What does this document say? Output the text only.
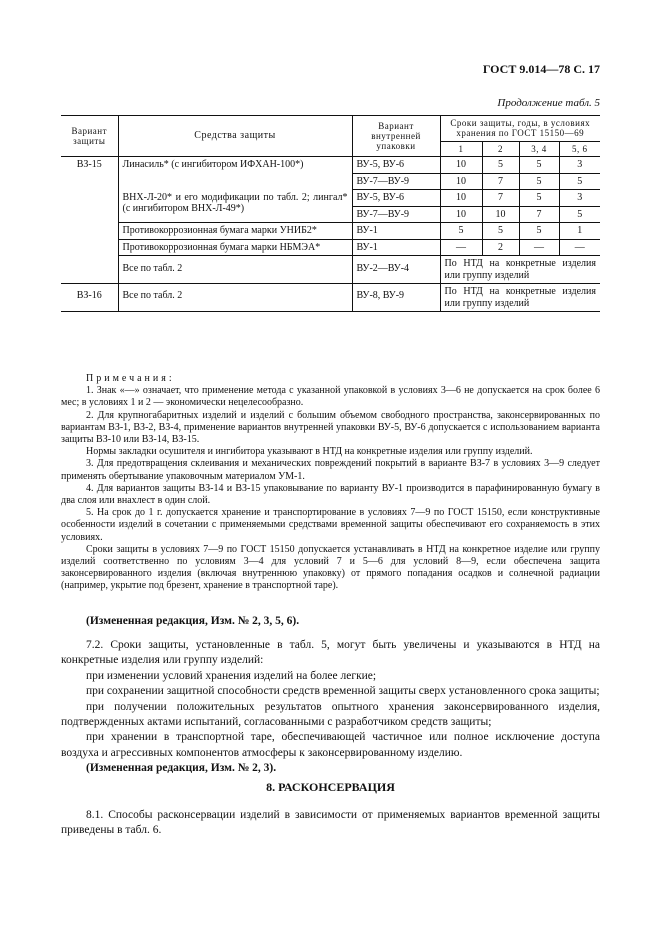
ГОСТ 9.014—78 С. 17
Продолжение табл. 5
Вариант защиты	Средства защиты	Вариант внутренней упаковки	Сроки защиты, годы, в условиях хранения по ГОСТ 15150—69			
			1	2	3, 4	5, 6
ВЗ-15	Линасиль* (с ингибитором ИФХАН-100*)	ВУ-5, ВУ-6	10	5	5	3
		ВУ-7—ВУ-9	10	7	5	5
	ВНХ-Л-20* и его модификации по табл. 2; лингал* (с ингибитором ВНХ-Л-49*)	ВУ-5, ВУ-6	10	7	5	3
		ВУ-7—ВУ-9	10	10	7	5
	Противокоррозионная бумага марки УНИБ2*	ВУ-1	5	5	5	1
	Противокоррозионная бумага марки НБМЭА*	ВУ-1	—	2	—	—
	Все по табл. 2	ВУ-2—ВУ-4	По НТД на конкретные изделия или группу изделий			
ВЗ-16	Все по табл. 2	ВУ-8, ВУ-9	По НТД на конкретные изделия или группу изделий			

Примечания:

1. Знак «—» означает, что применение метода с указанной упаковкой в условиях 3—6 не допускается на срок более 6 мес; в условиях 1 и 2 — экономически нецелесообразно.

2. Для крупногабаритных изделий и изделий с большим объемом свободного пространства, законсервированных по вариантам ВЗ-1, ВЗ-2, ВЗ-4, применение вариантов внутренней упаковки ВУ-5, ВУ-6 допускается с использованием варианта защиты ВЗ-10 или ВЗ-14, ВЗ-15.

Нормы закладки осушителя и ингибитора указывают в НТД на конкретные изделия или группу изделий.

3. Для предотвращения склеивания и механических повреждений покрытий в варианте ВЗ-7 в условиях 3—9 следует применять обертывание упаковочным материалом УМ-1.

4. Для вариантов защиты ВЗ-14 и ВЗ-15 упаковывание по варианту ВУ-1 производится в парафинированную бумагу в два слоя или внахлест в один слой.

5. На срок до 1 г. допускается хранение и транспортирование в условиях 7—9 по ГОСТ 15150, если конструктивные особенности изделий в сочетании с применяемыми средствами временной защиты обеспечивают его сохраняемость в этих условиях.

Сроки защиты в условиях 7—9 по ГОСТ 15150 допускается устанавливать в НТД на конкретное изделие или группу изделий соответственно по условиям 3—4 для условий 7 и 5—6 для условий 8—9, если обеспечена защита законсервированного изделия (включая внутреннюю упаковку) от прямого попадания осадков и солнечной радиации (например, укрытие под брезент, хранение в транспортной таре).

(Измененная редакция, Изм. № 2, 3, 5, 6).

7.2. Сроки защиты, установленные в табл. 5, могут быть увеличены и указываются в НТД на конкретные изделия или группу изделий:

при изменении условий хранения изделий на более легкие;

при сохранении защитной способности средств временной защиты сверх установленного срока защиты;

при получении положительных результатов опытного хранения законсервированного изделия, подтвержденных актами испытаний, согласованными с разработчиком средств защиты;

при хранении в транспортной таре, обеспечивающей частичное или полное исключение доступа воздуха и агрессивных компонентов атмосферы к законсервированному изделию.

(Измененная редакция, Изм. № 2, 3).

8. РАСКОНСЕРВАЦИЯ

8.1. Способы расконсервации изделий в зависимости от применяемых вариантов временной защиты приведены в табл. 6.
